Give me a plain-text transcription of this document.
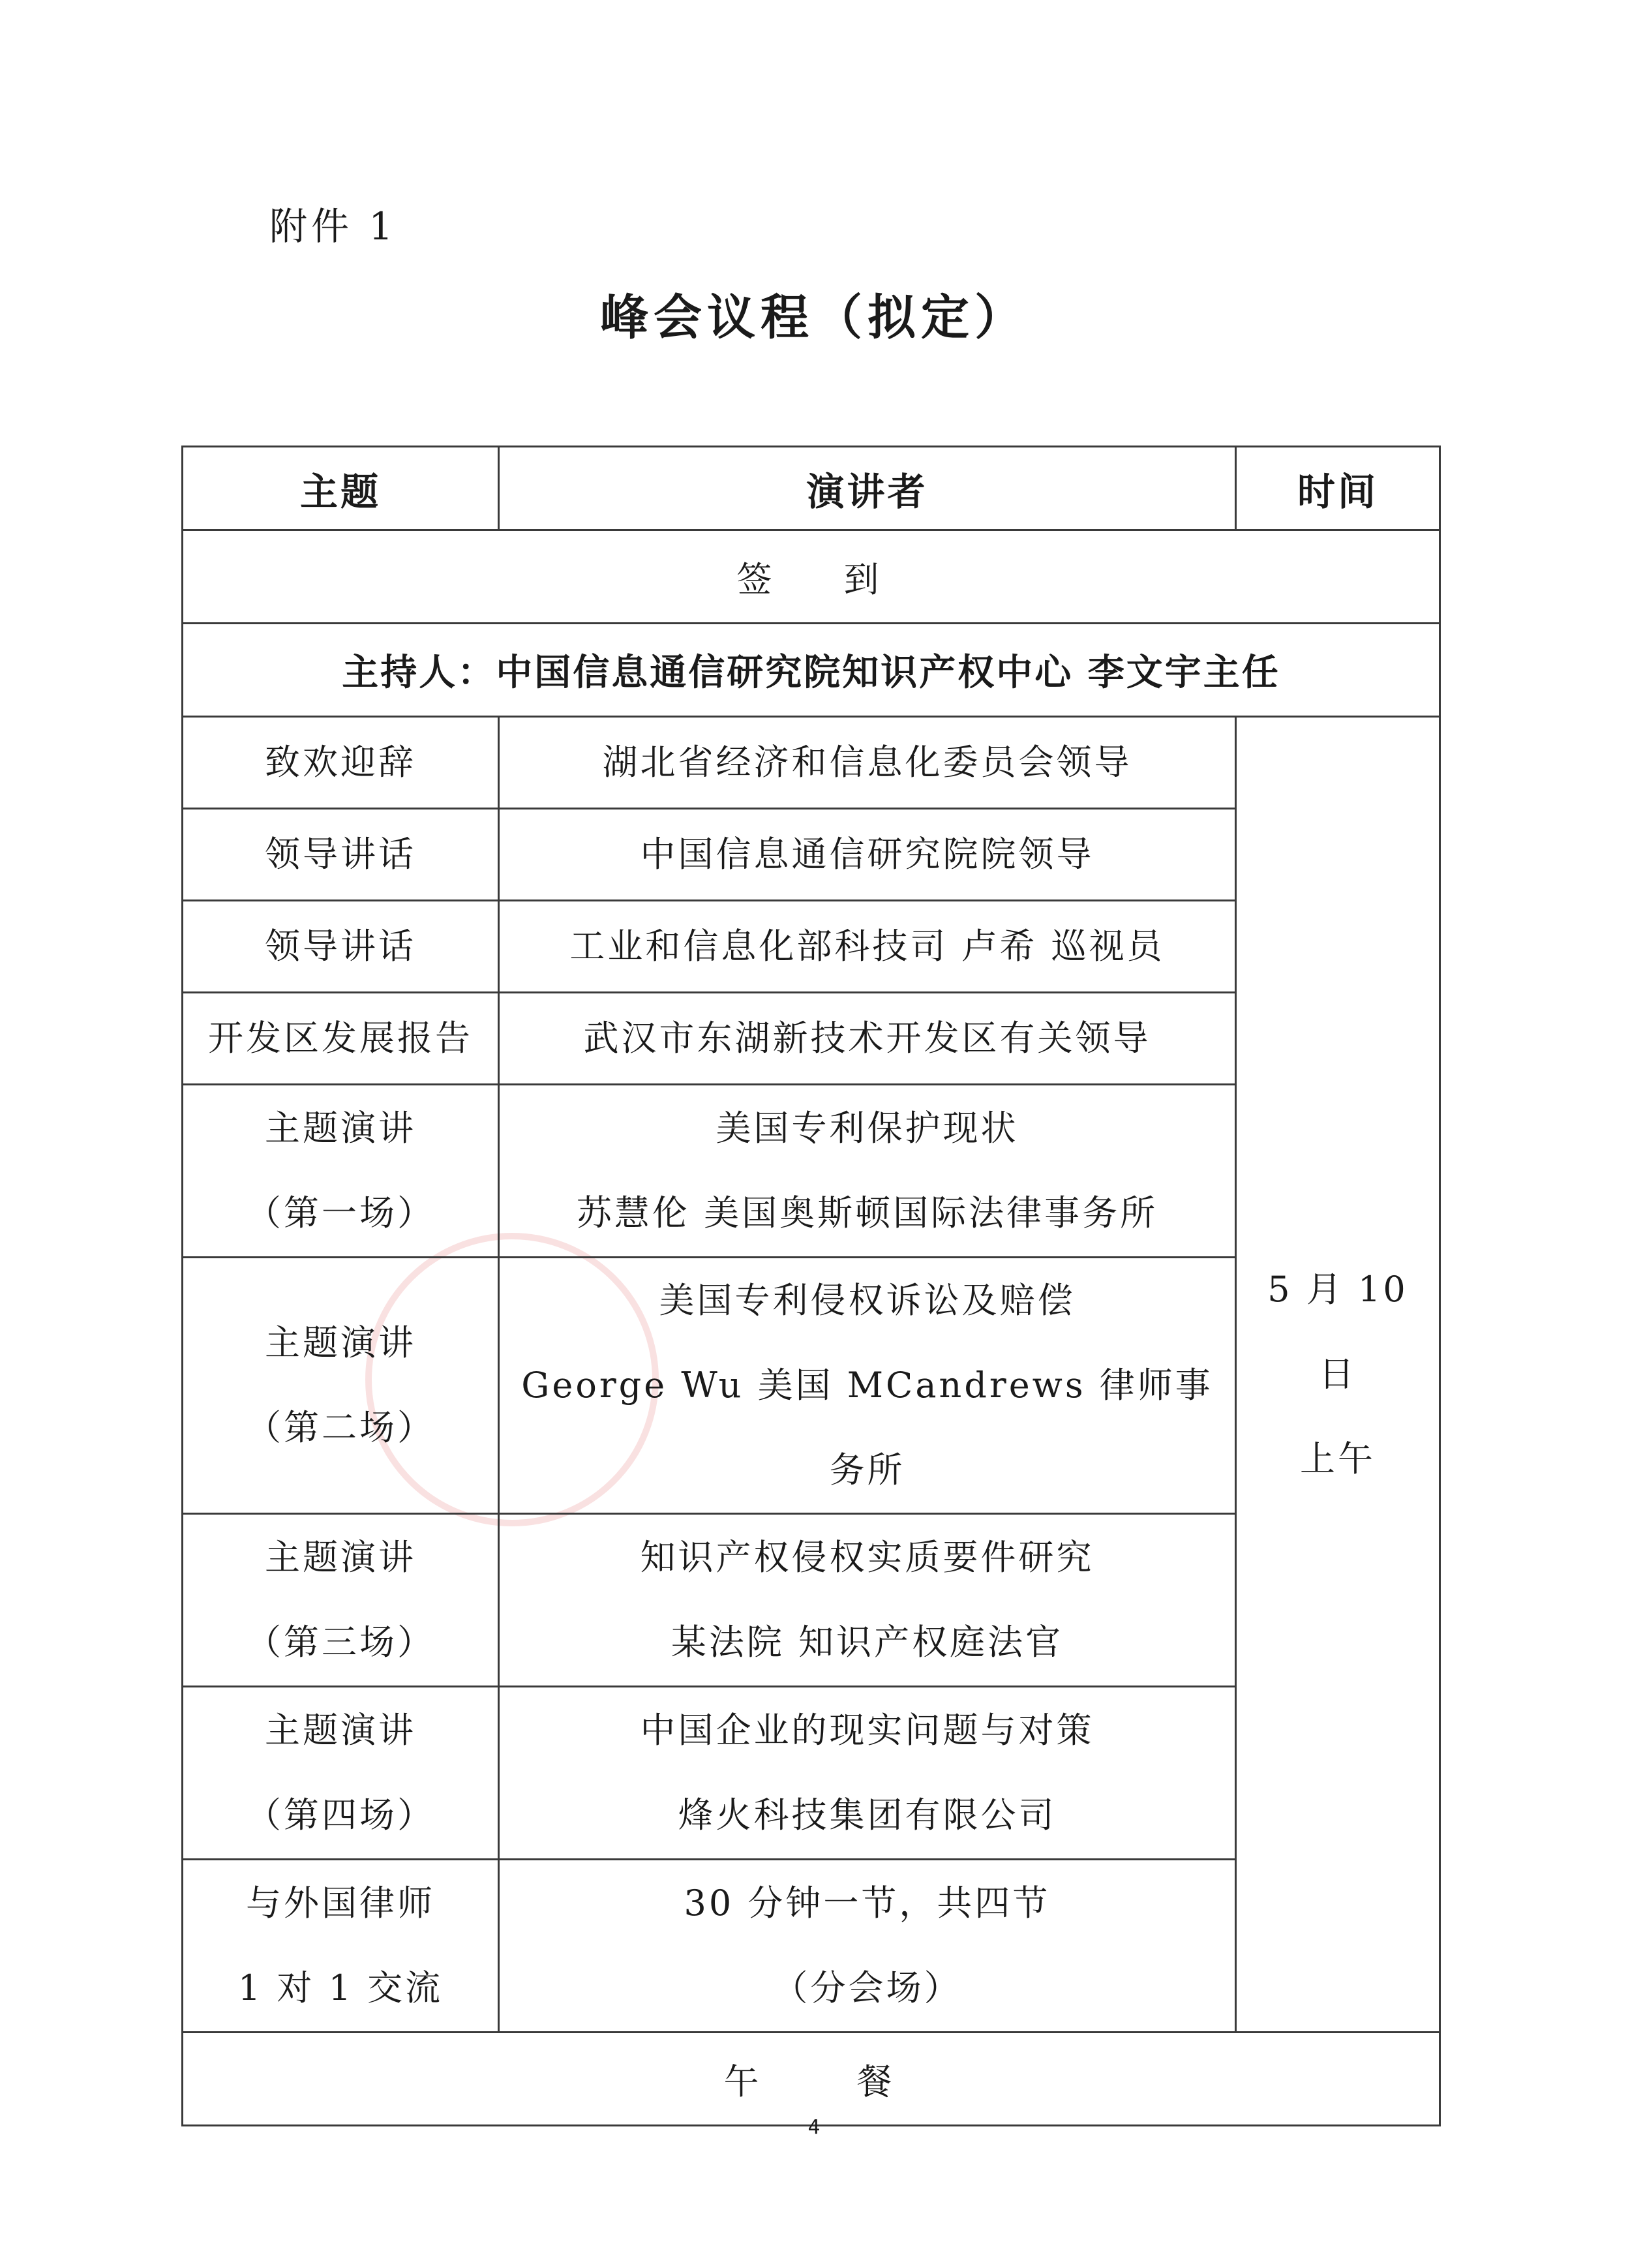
附件 1
峰会议程（拟定）
主题	演讲者	时间
签到		
主持人：中国信息通信研究院知识产权中心 李文宇主任		

致欢迎辞	湖北省经济和信息化委员会领导	5 月 10 日
上午

领导讲话	中国信息通信研究院院领导	

领导讲话	工业和信息化部科技司 卢希 巡视员	

开发区发展报告	武汉市东湖新技术开发区有关领导	

主题演讲
（第一场）	美国专利保护现状
苏慧伦 美国奥斯顿国际法律事务所	

主题演讲
（第二场）	美国专利侵权诉讼及赔偿
George Wu 美国 MCandrews 律师事务所	

主题演讲
（第三场）	知识产权侵权实质要件研究
某法院 知识产权庭法官	

主题演讲
（第四场）	中国企业的现实问题与对策
烽火科技集团有限公司	

与外国律师
1 对 1 交流	30 分钟一节，共四节
（分会场）	

午餐		
4
